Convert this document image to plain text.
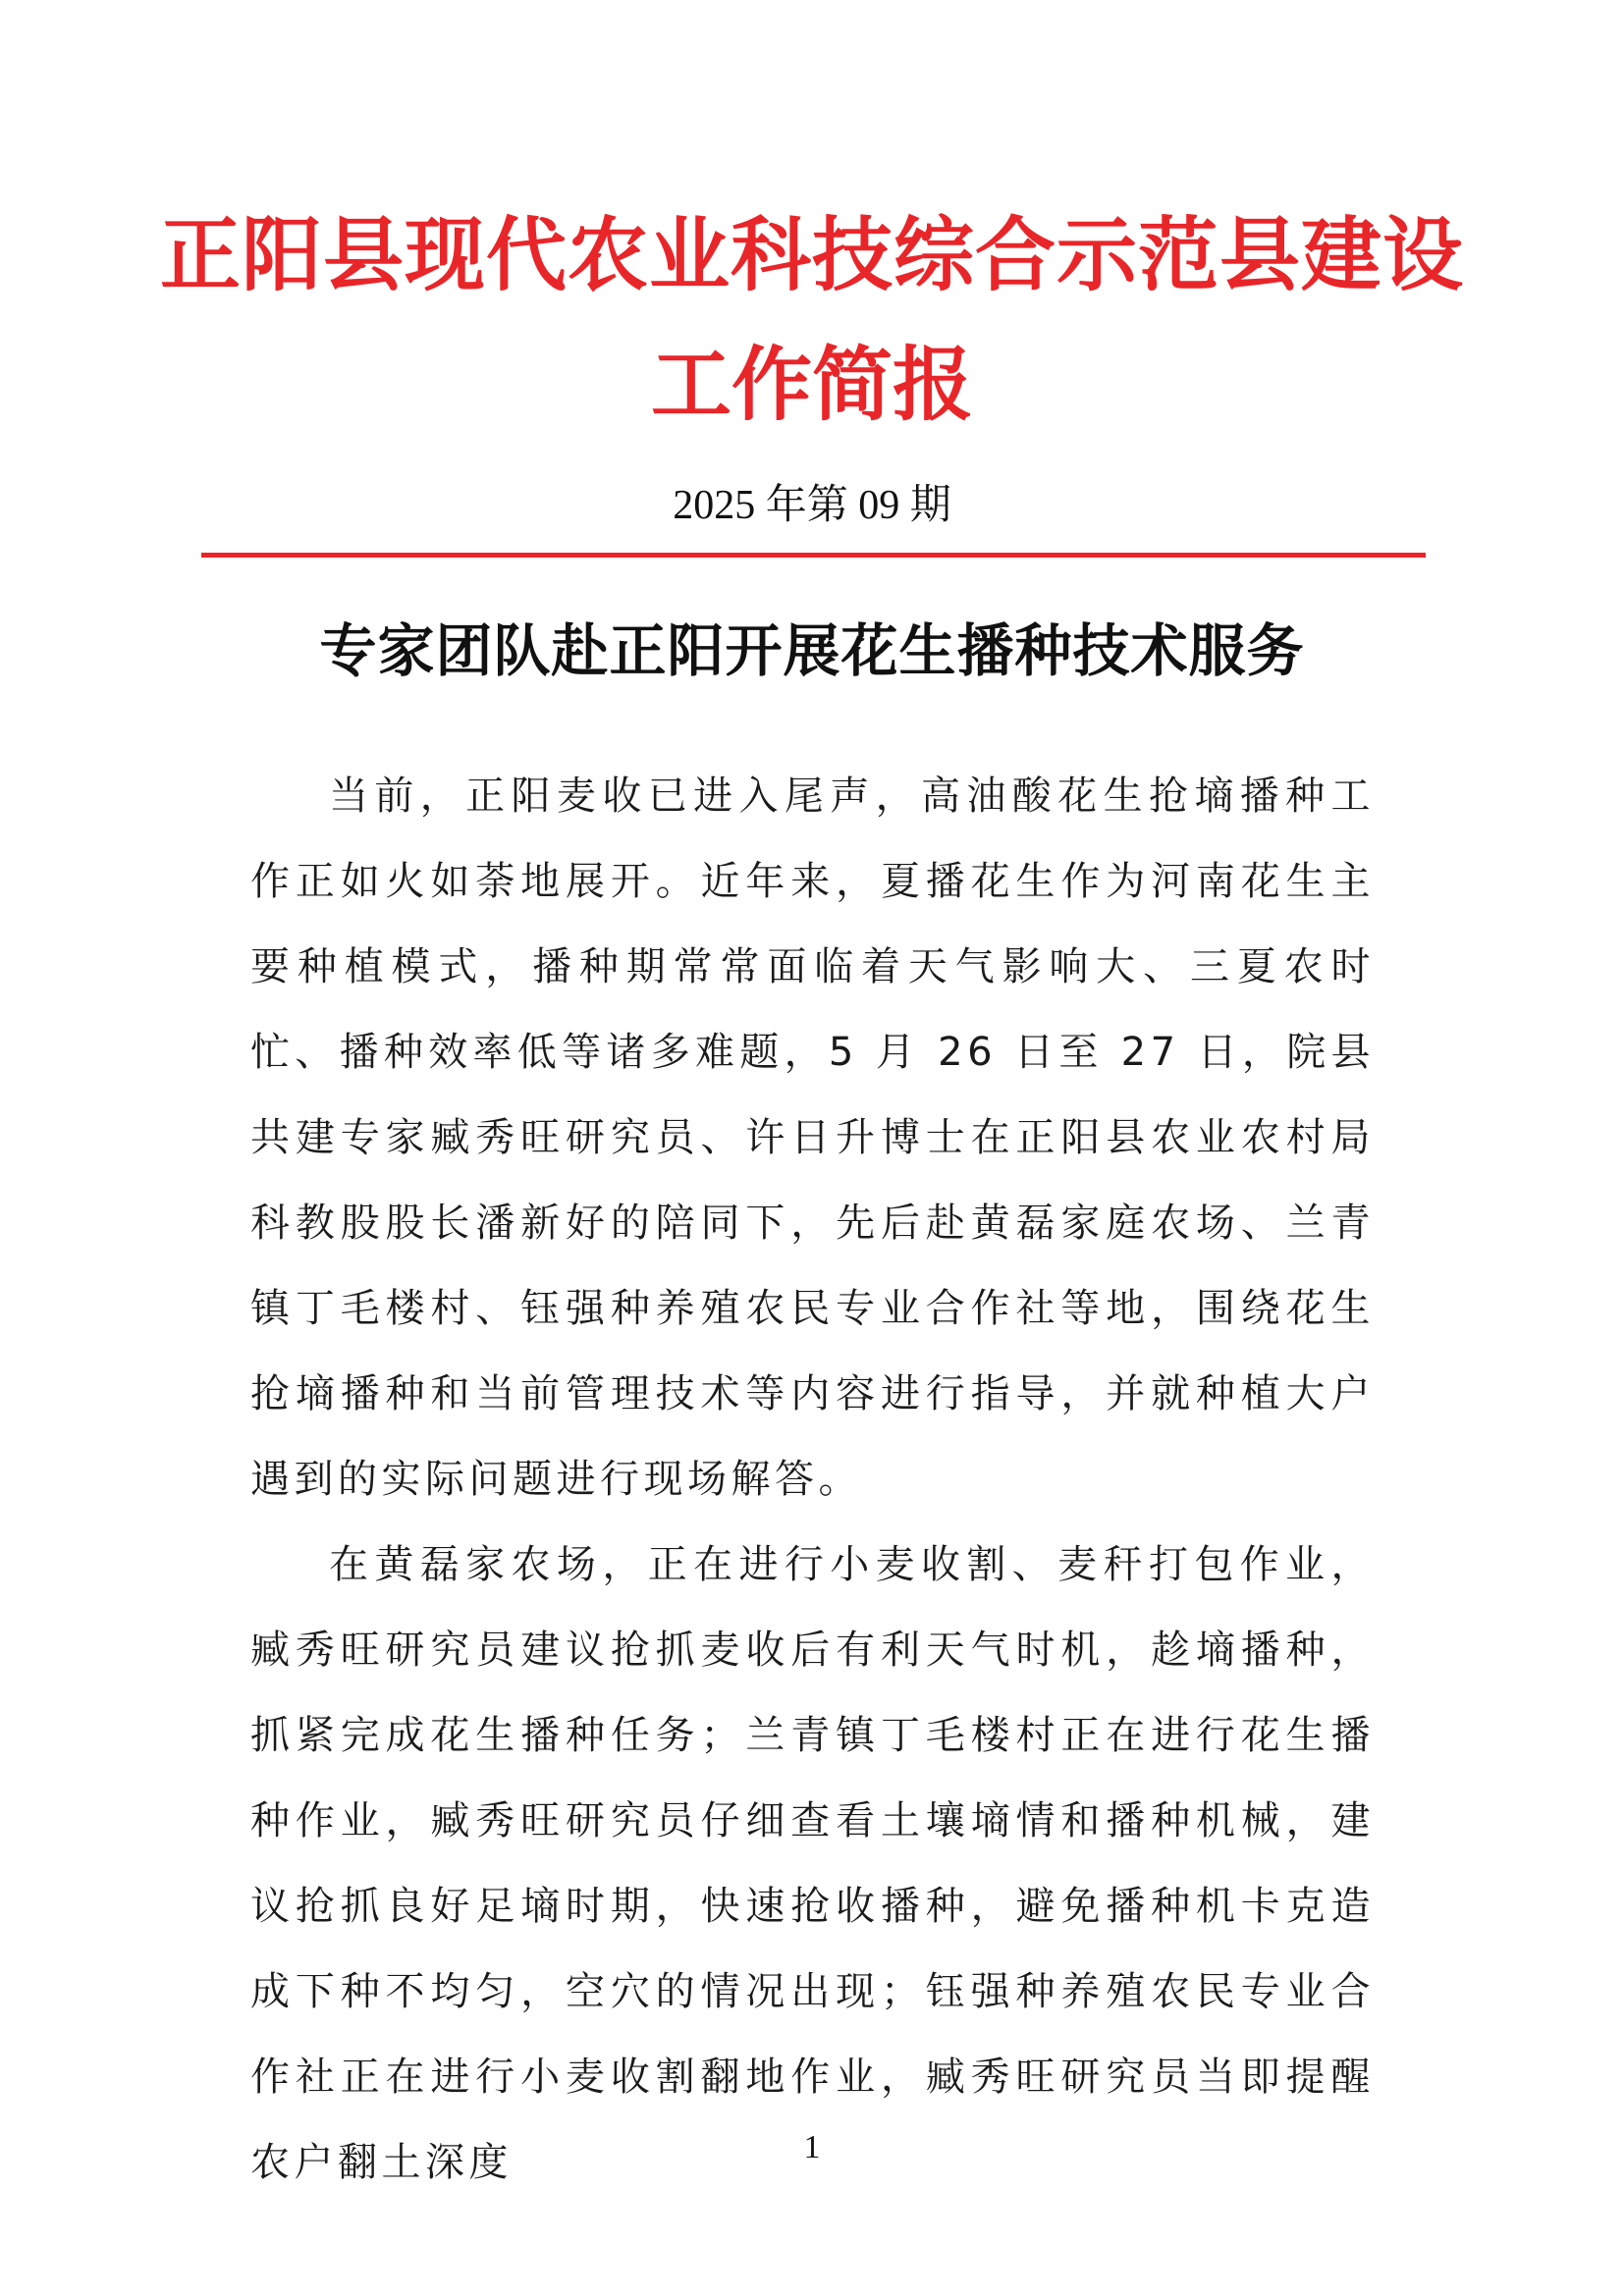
正阳县现代农业科技综合示范县建设
工作简报

2025 年第 09 期

专家团队赴正阳开展花生播种技术服务

当前，正阳麦收已进入尾声，高油酸花生抢墒播种工作正如火如荼地展开。近年来，夏播花生作为河南花生主要种植模式，播种期常常面临着天气影响大、三夏农时忙、播种效率低等诸多难题，5 月 26 日至 27 日，院县共建专家臧秀旺研究员、许日升博士在正阳县农业农村局科教股股长潘新好的陪同下，先后赴黄磊家庭农场、兰青镇丁毛楼村、钰强种养殖农民专业合作社等地，围绕花生抢墒播种和当前管理技术等内容进行指导，并就种植大户遇到的实际问题进行现场解答。

在黄磊家农场，正在进行小麦收割、麦秆打包作业，臧秀旺研究员建议抢抓麦收后有利天气时机，趁墒播种，抓紧完成花生播种任务；兰青镇丁毛楼村正在进行花生播种作业，臧秀旺研究员仔细查看土壤墒情和播种机械，建议抢抓良好足墒时期，快速抢收播种，避免播种机卡克造成下种不均匀，空穴的情况出现；钰强种养殖农民专业合作社正在进行小麦收割翻地作业，臧秀旺研究员当即提醒农户翻土深度	1
